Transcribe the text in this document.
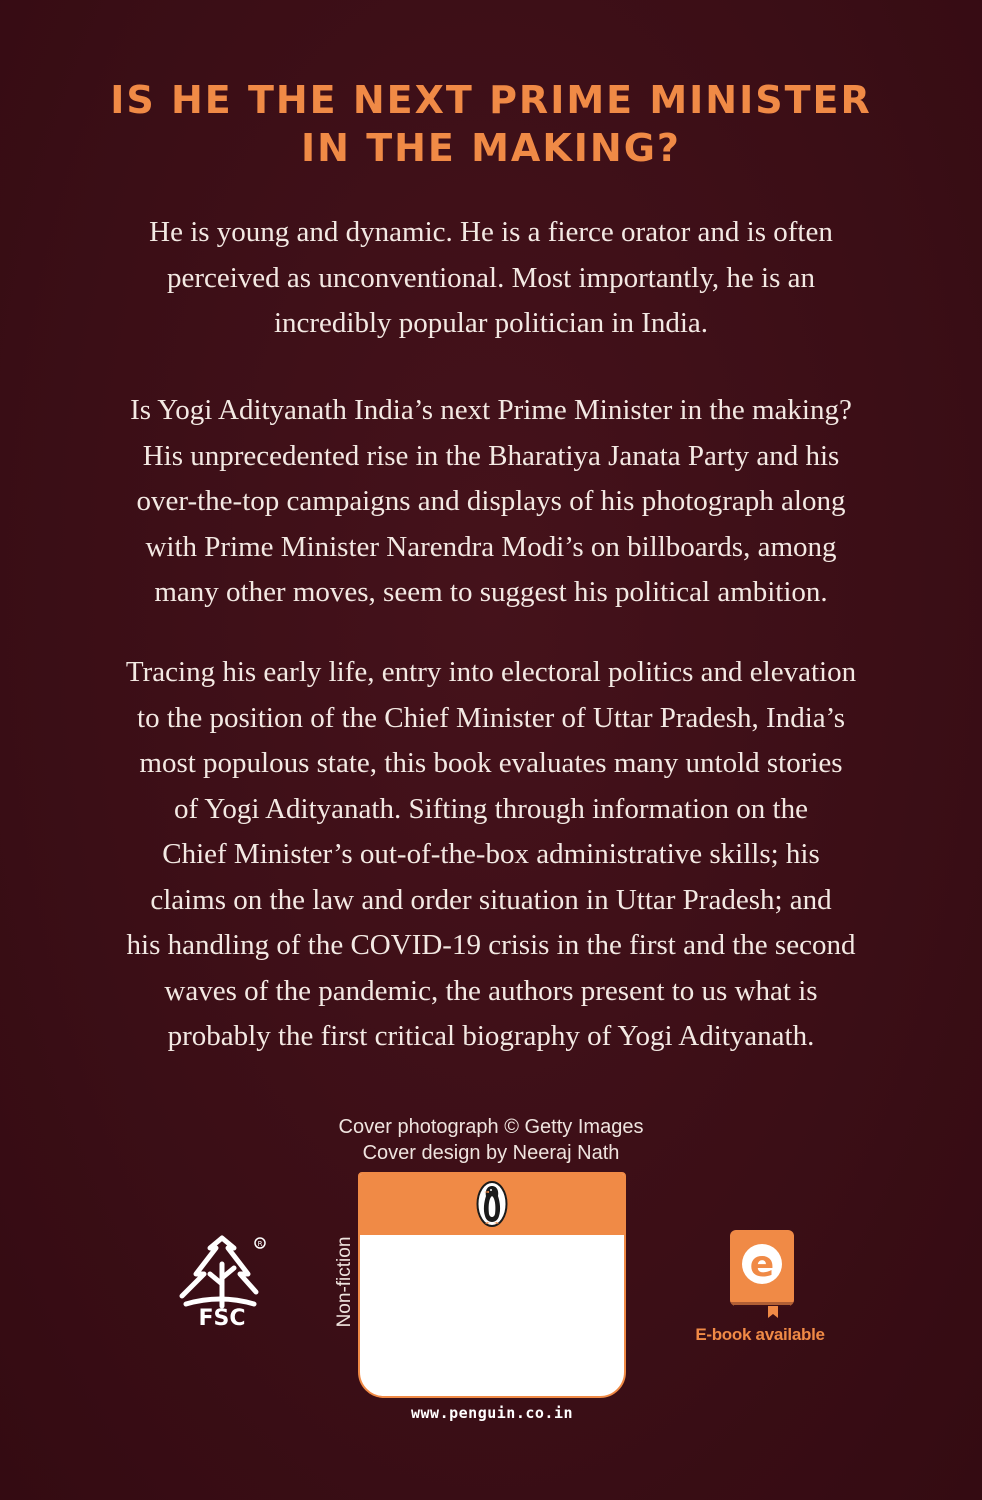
IS HE THE NEXT PRIME MINISTER
IN THE MAKING?
He is young and dynamic. He is a fierce orator and is often
perceived as unconventional. Most importantly, he is an
incredibly popular politician in India.
Is Yogi Adityanath India’s next Prime Minister in the making?
His unprecedented rise in the Bharatiya Janata Party and his
over-the-top campaigns and displays of his photograph along
with Prime Minister Narendra Modi’s on billboards, among
many other moves, seem to suggest his political ambition.
Tracing his early life, entry into electoral politics and elevation
to the position of the Chief Minister of Uttar Pradesh, India’s
most populous state, this book evaluates many untold stories
of Yogi Adityanath. Sifting through information on the
Chief Minister’s out-of-the-box administrative skills; his
claims on the law and order situation in Uttar Pradesh; and
his handling of the COVID-19 crisis in the first and the second
waves of the pandemic, the authors present to us what is
probably the first critical biography of Yogi Adityanath.
Cover photograph © Getty Images
Cover design by Neeraj Nath
R
FSC	Non-fiction
www.penguin.co.in
e
E-book available
